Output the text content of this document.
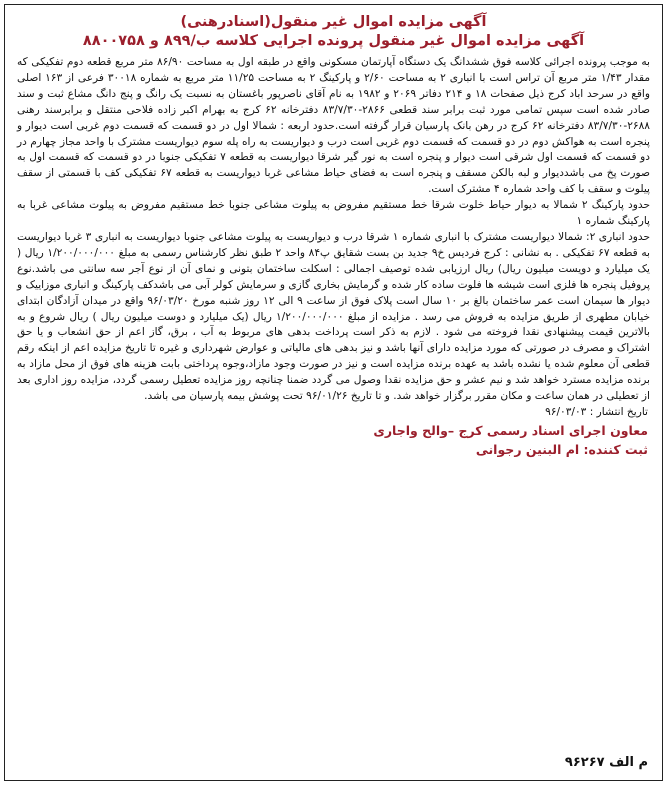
آگهی مزایده اموال غیر منقول(اسنادرهنی)
آگهی مزایده اموال غیر منقول پرونده اجرایی کلاسه ب/۸۹۹ و ۸۸۰۰۷۵۸

به موجب پرونده اجرائی کلاسه فوق ششدانگ یک دستگاه آپارتمان مسکونی واقع در طبقه اول به مساحت ۸۶/۹۰ متر مربع قطعه دوم تفکیکی که مقدار ۱/۴۳ متر مربع آن تراس است با انباری ۲ به مساحت ۲/۶۰ و پارکینگ ۲ به مساحت ۱۱/۲۵ متر مربع به شماره ۳۰۰۱۸ فرعی از ۱۶۳ اصلی واقع در سرحد اباد کرج ذیل صفحات ۱۸ و ۲۱۴ دفاتر ۲۰۶۹ و ۱۹۸۲ به نام آقای ناصرپور باغستان به نسبت یک رانگ و پنج دانگ مشاع ثبت و سند صادر شده است سپس تمامی مورد ثبت برابر سند قطعی ۲۸۶۶-۸۳/۷/۳۰ دفترخانه ۶۲ کرج به بهرام اکبر زاده فلاحی منتقل و برابرسند رهنی ۲۶۸۸-۸۳/۷/۳۰ دفترخانه ۶۲ کرج در رهن بانک پارسیان قرار گرفته است.حدود اربعه : شمالا اول در دو قسمت که قسمت دوم غربی است دیوار و پنجره است به هواکش دوم در دو قسمت که قسمت دوم غربی است درب و دیواریست به راه پله سوم دیواریست مشترک با واحد مجاز چهارم در دو قسمت که قسمت اول شرقی است دیوار و پنجره است به نور گیر شرقا دیواریست به قطعه ۷ تفکیکی جنوبا در دو قسمت که قسمت اول به صورت پخ می باشددیوار و لبه بالکن مسقف و پنجره است به فضای حیاط مشاعی غربا دیواریست به قطعه ۶۷ تفکیکی کف با قسمتی از سقف پیلوت و سقف با کف واحد شماره ۴ مشترک است.

حدود پارکینگ ۲ شمالا به دیوار حیاط خلوت شرقا خط مستقیم مفروض به پیلوت مشاعی جنوبا خط مستقیم مفروض به پیلوت مشاعی غربا به پارکینگ شماره ۱

حدود انباری ۲: شمالا دیواریست مشترک با انباری شماره ۱ شرقا درب و دیواریست به پیلوت مشاعی جنوبا دیواریست به انباری ۳ غربا دیواریست به قطعه ۶۷ تفکیکی . به نشانی : کرج فردیس خ۹ جدید بن بست شقایق پ۸۴ واحد ۲ طبق نظر کارشناس رسمی به مبلغ ۱/۲۰۰/۰۰۰/۰۰۰ ریال ( یک میلیارد و دویست میلیون ریال) ریال ارزیابی شده توصیف اجمالی : اسکلت ساختمان بتونی و نمای آن از نوع آجر سه سانتی می باشد.نوع پروفیل پنجره ها فلزی است شیشه ها فلوت ساده کار شده و گرمایش بخاری گازی و سرمایش کولر آبی می باشدکف پارکینگ و انباری موزاییک و دیوار ها سیمان است عمر ساختمان بالغ بر ۱۰ سال است پلاک فوق از ساعت ۹ الی ۱۲ روز شنبه مورخ ۹۶/۰۳/۲۰ واقع در میدان آزادگان ابتدای خیابان مطهری از طریق مزایده به فروش می رسد . مزایده از مبلغ ۱/۲۰۰/۰۰۰/۰۰۰ ریال (یک میلیارد و دوست میلیون ریال ) ریال شروع و به بالاترین قیمت پیشنهادی نقدا فروخته می شود . لازم به ذکر است پرداخت بدهی های مربوط به آب ، برق، گاز اعم از حق انشعاب و یا حق اشتراک و مصرف در صورتی که مورد مزایده دارای آنها باشد و نیز بدهی های مالیاتی و عوارض شهرداری و غیره تا تاریخ مزایده اعم از اینکه رقم قطعی آن معلوم شده یا نشده باشد به عهده برنده مزایده است و نیز در صورت وجود مازاد،وجوه پرداختی بابت هزینه های فوق از محل مازاد به برنده مزایده مسترد خواهد شد و نیم عشر و حق مزایده نقدا وصول می گردد ضمنا چنانچه روز مزایده تعطیل رسمی گردد، مزایده روز اداری بعد از تعطیلی در همان ساعت و مکان مقرر برگزار خواهد شد. و تا تاریخ ۹۶/۰۱/۲۶ تحت پوشش بیمه پارسیان می باشد.

تاریخ انتشار : ۹۶/۰۳/۰۳
معاون اجرای اسناد رسمی کرج –والح واجاری
ثبت کننده: ام البنین رجوانی
م الف ۹۶۲۶۷
